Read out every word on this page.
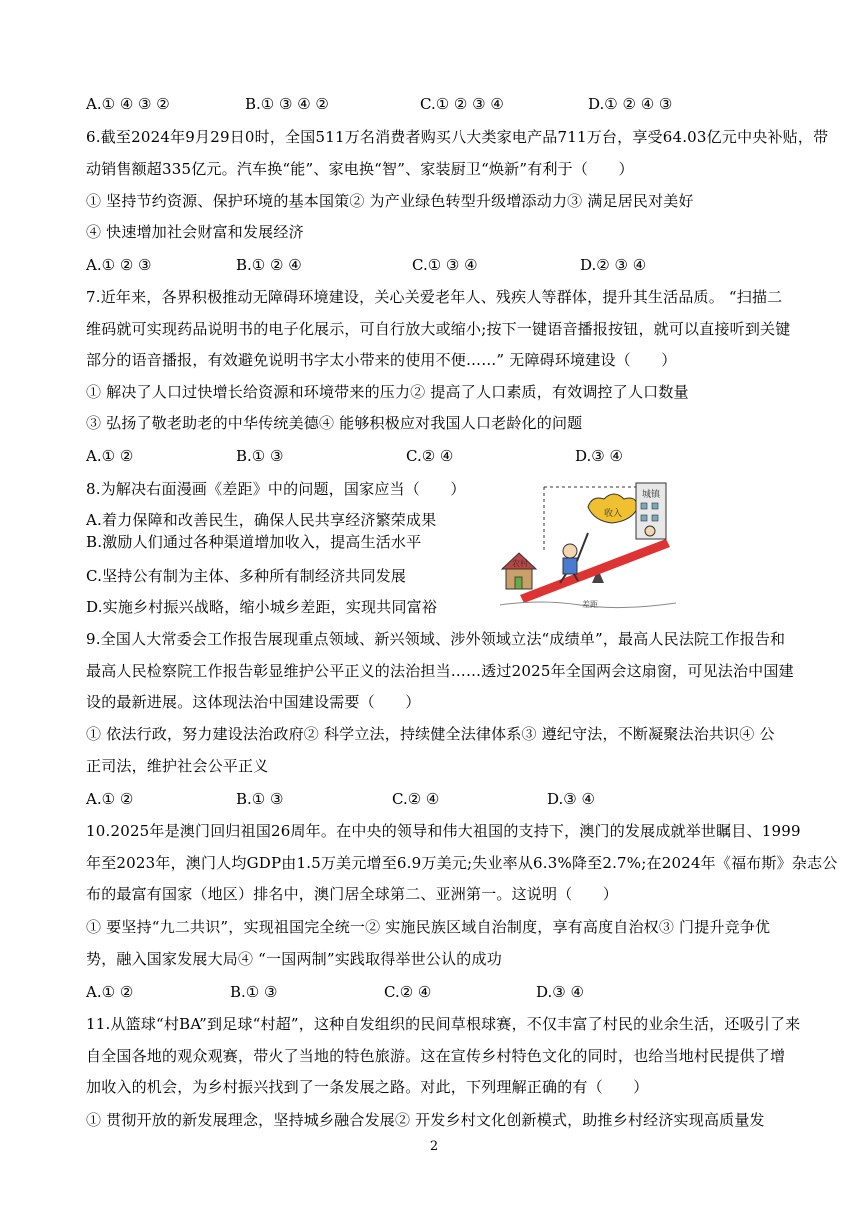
A.① ④ ③ ②	B.① ③ ④ ②	C.① ② ③ ④	D.① ② ④ ③
6.截至2024年9月29日0时，全国511万名消费者购买八大类家电产品711万台，享受64.03亿元中央补贴，带
动销售额超335亿元。汽车换“能”、家电换“智”、家装厨卫“焕新”有利于（　　）
① 坚持节约资源、保护环境的基本国策② 为产业绿色转型升级增添动力③ 满足居民对美好
④ 快速增加社会财富和发展经济
A.① ② ③	B.① ② ④	C.① ③ ④	D.② ③ ④
7.近年来，各界积极推动无障碍环境建设，关心关爱老年人、残疾人等群体，提升其生活品质。 “扫描二
维码就可实现药品说明书的电子化展示，可自行放大或缩小;按下一键语音播报按钮，就可以直接听到关键
部分的语音播报，有效避免说明书字太小带来的使用不便……” 无障碍环境建设（　　）
① 解决了人口过快增长给资源和环境带来的压力② 提高了人口素质，有效调控了人口数量
③ 弘扬了敬老助老的中华传统美德④ 能够积极应对我国人口老龄化的问题
A.① ②	B.① ③	C.② ④	D.③ ④
8.为解决右面漫画《差距》中的问题，国家应当（　　）
A.着力保障和改善民生，确保人民共享经济繁荣成果
B.激励人们通过各种渠道增加收入，提高生活水平
C.坚持公有制为主体、多种所有制经济共同发展
D.实施乡村振兴战略，缩小城乡差距，实现共同富裕
农村
收入
城镇
差距
9.全国人大常委会工作报告展现重点领域、新兴领域、涉外领域立法“成绩单”，最高人民法院工作报告和
最高人民检察院工作报告彰显维护公平正义的法治担当……透过2025年全国两会这扇窗，可见法治中国建
设的最新进展。这体现法治中国建设需要（　　）
① 依法行政，努力建设法治政府② 科学立法，持续健全法律体系③ 遵纪守法，不断凝聚法治共识④ 公
正司法，维护社会公平正义
A.① ②	B.① ③	C.② ④	D.③ ④
10.2025年是澳门回归祖国26周年。在中央的领导和伟大祖国的支持下，澳门的发展成就举世瞩目、1999
年至2023年，澳门人均GDP由1.5万美元增至6.9万美元;失业率从6.3%降至2.7%;在2024年《福布斯》杂志公
布的最富有国家（地区）排名中，澳门居全球第二、亚洲第一。这说明（　　）
① 要坚持“九二共识”，实现祖国完全统一② 实施民族区域自治制度，享有高度自治权③ 门提升竞争优
势，融入国家发展大局④ “一国两制”实践取得举世公认的成功
A.① ②	B.① ③	C.② ④	D.③ ④
11.从篮球“村BA”到足球“村超”，这种自发组织的民间草根球赛，不仅丰富了村民的业余生活，还吸引了来
自全国各地的观众观赛，带火了当地的特色旅游。这在宣传乡村特色文化的同时，也给当地村民提供了增
加收入的机会，为乡村振兴找到了一条发展之路。对此，下列理解正确的有（　　）
① 贯彻开放的新发展理念，坚持城乡融合发展② 开发乡村文化创新模式，助推乡村经济实现高质量发
2
